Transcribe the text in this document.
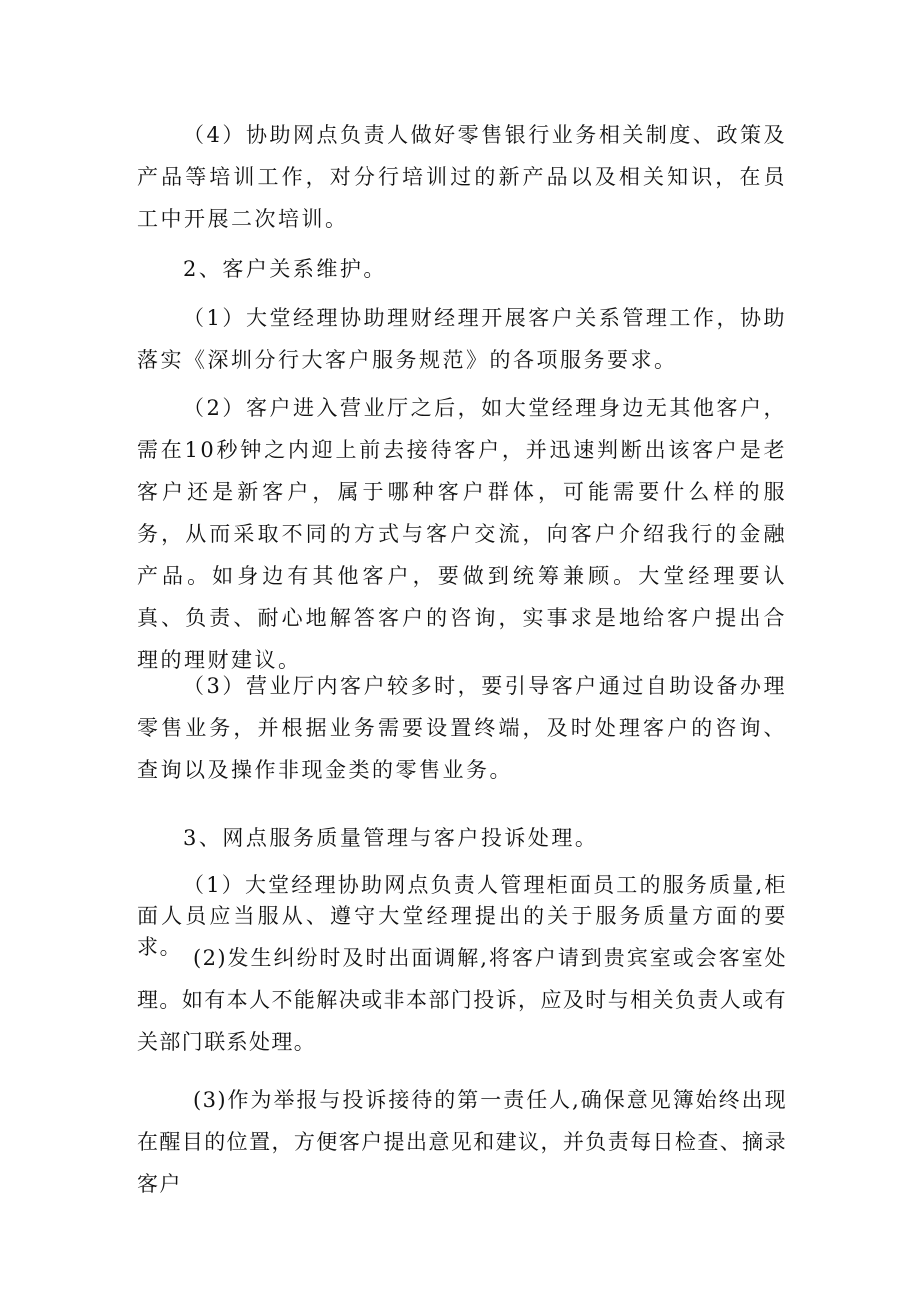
（4）协助网点负责人做好零售银行业务相关制度、政策及产品等培训工作，对分行培训过的新产品以及相关知识，在员工中开展二次培训。

2、客户关系维护。

（1）大堂经理协助理财经理开展客户关系管理工作，协助落实《深圳分行大客户服务规范》的各项服务要求。

（2）客户进入营业厅之后，如大堂经理身边无其他客户，需在10秒钟之内迎上前去接待客户，并迅速判断出该客户是老客户还是新客户，属于哪种客户群体，可能需要什么样的服务，从而采取不同的方式与客户交流，向客户介绍我行的金融产品。如身边有其他客户，要做到统筹兼顾。大堂经理要认真、负责、耐心地解答客户的咨询，实事求是地给客户提出合理的理财建议。

（3）营业厅内客户较多时，要引导客户通过自助设备办理零售业务，并根据业务需要设置终端，及时处理客户的咨询、查询以及操作非现金类的零售业务。

3、网点服务质量管理与客户投诉处理。

（1）大堂经理协助网点负责人管理柜面员工的服务质量,柜面人员应当服从、遵守大堂经理提出的关于服务质量方面的要求。 (2)发生纠纷时及时出面调解,将客户请到贵宾室或会客室处理。如有本人不能解决或非本部门投诉，应及时与相关负责人或有关部门联系处理。

(3)作为举报与投诉接待的第一责任人,确保意见簿始终出现在醒目的位置，方便客户提出意见和建议，并负责每日检查、摘录客户
